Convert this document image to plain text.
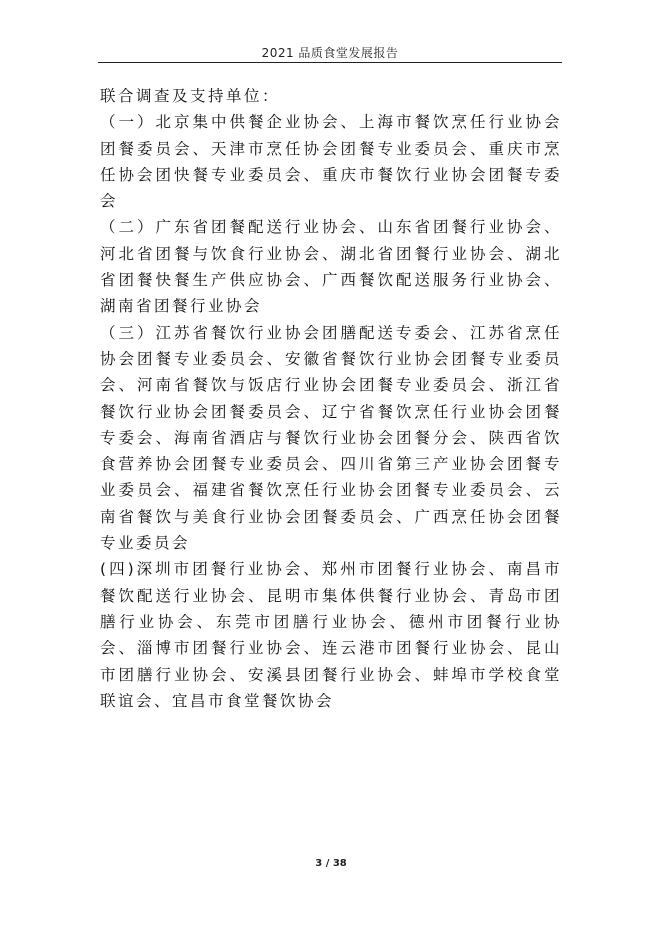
2021 品质食堂发展报告

联合调查及支持单位：

（一）北京集中供餐企业协会、上海市餐饮烹任行业协会团餐委员会、天津市烹任协会团餐专业委员会、重庆市烹任协会团快餐专业委员会、重庆市餐饮行业协会团餐专委会

（二）广东省团餐配送行业协会、山东省团餐行业协会、河北省团餐与饮食行业协会、湖北省团餐行业协会、湖北省团餐快餐生产供应协会、广西餐饮配送服务行业协会、湖南省团餐行业协会

（三）江苏省餐饮行业协会团膳配送专委会、江苏省烹任协会团餐专业委员会、安徽省餐饮行业协会团餐专业委员会、河南省餐饮与饭店行业协会团餐专业委员会、浙江省餐饮行业协会团餐委员会、辽宁省餐饮烹任行业协会团餐专委会、海南省酒店与餐饮行业协会团餐分会、陕西省饮食营养协会团餐专业委员会、四川省第三产业协会团餐专业委员会、福建省餐饮烹任行业协会团餐专业委员会、云南省餐饮与美食行业协会团餐委员会、广西烹任协会团餐专业委员会

(四)深圳市团餐行业协会、郑州市团餐行业协会、南昌市餐饮配送行业协会、昆明市集体供餐行业协会、青岛市团膳行业协会、东莞市团膳行业协会、德州市团餐行业协会、淄博市团餐行业协会、连云港市团餐行业协会、昆山市团膳行业协会、安溪县团餐行业协会、蚌埠市学校食堂联谊会、宜昌市食堂餐饮协会

3 / 38
